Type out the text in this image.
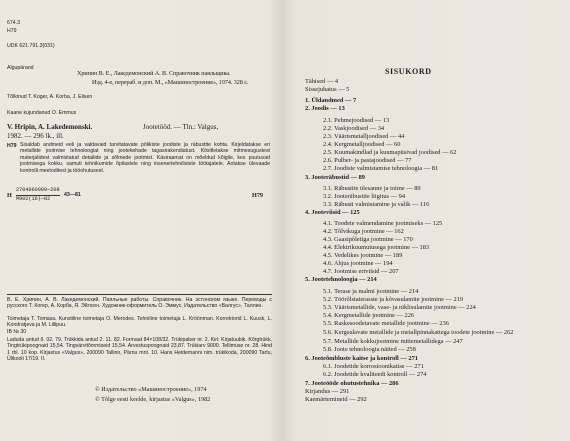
674.3
H79
UDK 621.791.3(031)
Algupärand
Хрипин В. Е., Лакедемонский А. В. Справочник паяльщика.
Изд. 4-е, перераб. и доп. М., «Машиностроение», 1974. 328 с.
Tõlkinud T. Koger, A. Korba, J. Eilsen
Kaane kujundanud O. Emmus
V. Hripin, A. Lakedemonski.	Jootetööd. — Tln.: Valgus,
1982. — 296 lk., ill.
H79 Sisaldab andmeid eeli ja valdavaid tarvitatavate pölikiste joodiste ja räbustite kohta. Kirjeldatakse eri metallide jootmise tehnoloogiat ning jootekehade tagasirakendiatust. Kõsitletakse mitmesugustest materjalidest valmistatud detailide ja sõlmede jootmist. Käsiraamat on mõeldud kõigile, kes puutuvad jootmisega kokku, samuti tehnikumide õpilastele ning insenertehnilistele töötajatele. Antakse ülevaade kontrolli meetoditest ja tööohutusest.
H
2704060000—208
M902(16)—82
43—81	H79
В. Е. Хрипин, А. В. Лакедемонский. Паяльные работы. Справочник. На эстонском языке. Переводы с русского Т. Когер, А. Корба, Я. Эйлсен. Художник-оформитель О. Эммус. Издательство «Валгус», Таллин.
Toimetaja T. Tomasa. Kunstiline toimetaja O. Merodes. Tehniline toimetaja L. Kröönman. Korrektorid L. Kuusk, L. Kondratjeva ja M. Lillipuu.
IB № 30
Laduda antud 6. 02. 79. Trükkida antud 2. 11. 82. Formaat 84×108/32. Trükipaber nr. 2. Kiri: Kirjatuubik. Kõrgtrükk. Tingtrükipoognaid 15,54. Tingvärvitõmmiseid 15,54. Arvestuspoognaid 23,87. Trükiarv 9000. Tellimuse nr. 28. Hind 1 rbl. 10 kop. Kirjastus «Valgus», 200090 Tallinn, Pärnu mnt. 10. Hans Heidemanni nim. trükikoda, 200090 Tartu, Ülikooli 17/19. II.
© Издательство «Машиностроение», 1974
© Tõlge eesti keelde, kirjastus «Valgus», 1982
SISUKORD
Tähised — 4
Sissejuhatus — 5
1. Üldandmed — 7
2. Joodis — 13
2.1. Pehmejoodised — 13
2.2. Vaskjoodised — 34
2.3. Väärismetalljoodised — 44
2.4. Kergmetalljoodised — 60
2.5. Kuumakindlad ja kuumapüsivad joodised — 62
2.6. Pulber- ja pastajoodised — 77
2.7. Joodiste valmistamise tehnoloogia — 81
3. Jooteräbustid — 89
3.1. Räbustite ülesanne ja toime — 89
3.2. Jooteräbustite liigitus — 94
3.3. Räbusti valmistamine ja valik — 116
4. Jooteviisid — 125
4.1. Toodete valmendamine jootmiseks — 125
4.2. Tõlvikuga jootmine — 162
4.3. Gaasipõletiga jootmine — 170
4.4. Elektrikuumutusega jootmine — 183
4.5. Vedelikes jootmine — 189
4.6. Ahjus jootmine — 194
4.7. Jootmise eriviisid — 207
5. Jootetehnoloogia — 214
5.1. Terase ja malmi jootmine — 214
5.2. Töörõlstaterasste ja kõvasulamite jootmine — 219
5.3. Väärismetallide, vase- ja niklisulamite jootmine — 224
5.4. Kergmetallide jootmine — 226
5.5. Raskesoodetavate metallide jootmine — 236
5.6. Kergsulavate metallide ja metallpinnakattega toodete jootmine — 262
5.7. Metallide kokkujootmine mittemetallidega — 247
5.8. Joote tehnoloogia näited — 258
6. Jooteõmbluste kaitse ja kontroll — 271
6.1. Joodetide korrosioonikaitse — 271
6.2. Joodetide kvaliteedi kontroll — 274
7. Jooteööde ohutustehnika — 286
Kirjandus — 291
Kaemärtemineid — 292
